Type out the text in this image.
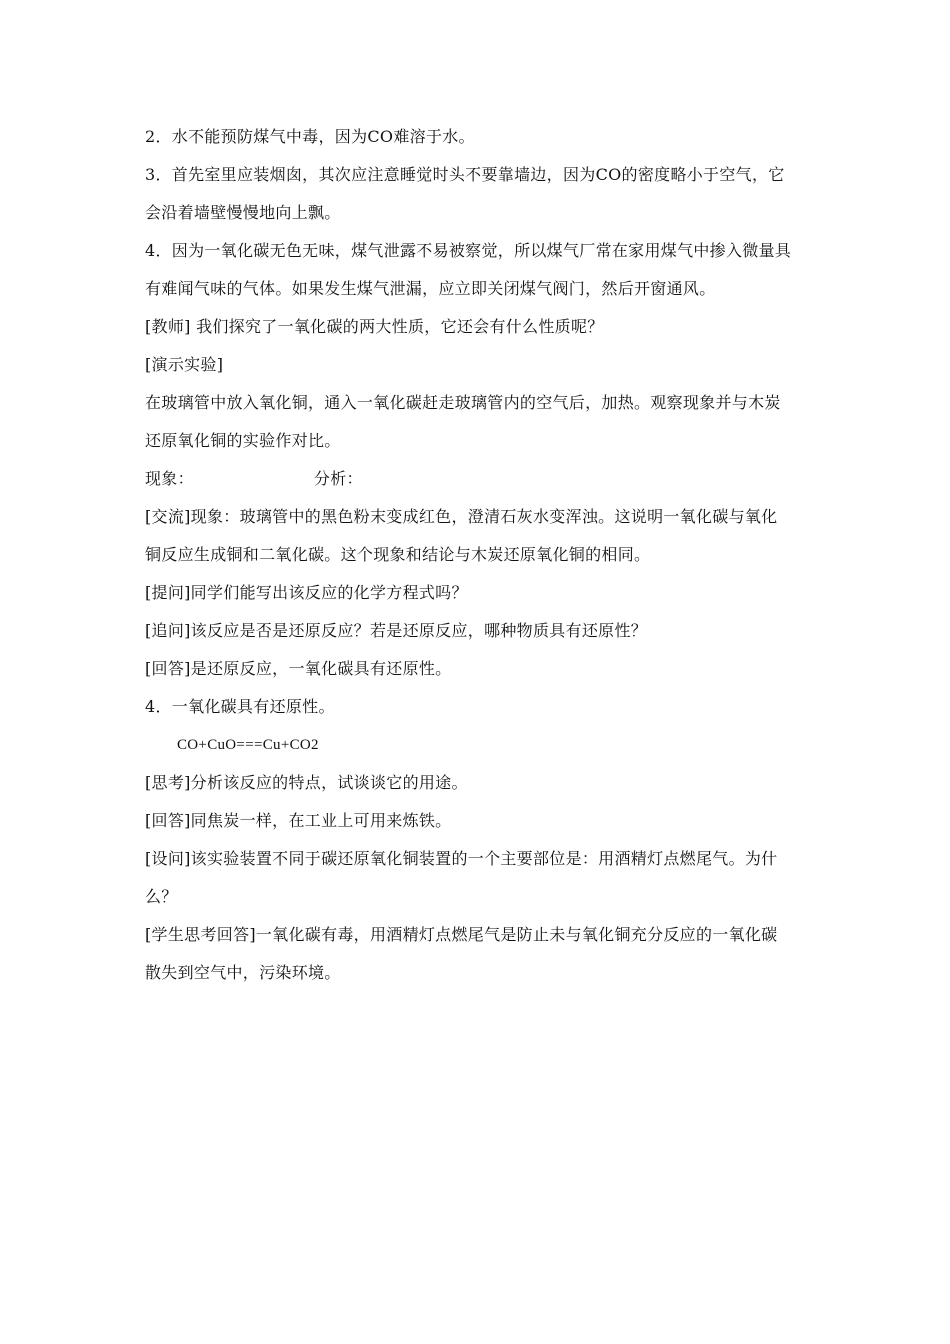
2．水不能预防煤气中毒，因为CO难溶于水。
3．首先室里应装烟囱，其次应注意睡觉时头不要靠墙边，因为CO的密度略小于空气，它
会沿着墙壁慢慢地向上飘。
4．因为一氧化碳无色无味，煤气泄露不易被察觉，所以煤气厂常在家用煤气中掺入微量具
有难闻气味的气体。如果发生煤气泄漏，应立即关闭煤气阀门，然后开窗通风。
[教师] 我们探究了一氧化碳的两大性质，它还会有什么性质呢？
[演示实验]
在玻璃管中放入氧化铜，通入一氧化碳赶走玻璃管内的空气后，加热。观察现象并与木炭
还原氧化铜的实验作对比。
现象：	分析：
[交流]现象：玻璃管中的黑色粉末变成红色，澄清石灰水变浑浊。这说明一氧化碳与氧化
铜反应生成铜和二氧化碳。这个现象和结论与木炭还原氧化铜的相同。
[提问]同学们能写出该反应的化学方程式吗？
[追问]该反应是否是还原反应？若是还原反应，哪种物质具有还原性？
[回答]是还原反应，一氧化碳具有还原性。
4．一氧化碳具有还原性。
CO+CuO===Cu+CO2
[思考]分析该反应的特点，试谈谈它的用途。
[回答]同焦炭一样，在工业上可用来炼铁。
[设问]该实验装置不同于碳还原氧化铜装置的一个主要部位是：用酒精灯点燃尾气。为什
么？
[学生思考回答]一氧化碳有毒，用酒精灯点燃尾气是防止未与氧化铜充分反应的一氧化碳
散失到空气中，污染环境。
